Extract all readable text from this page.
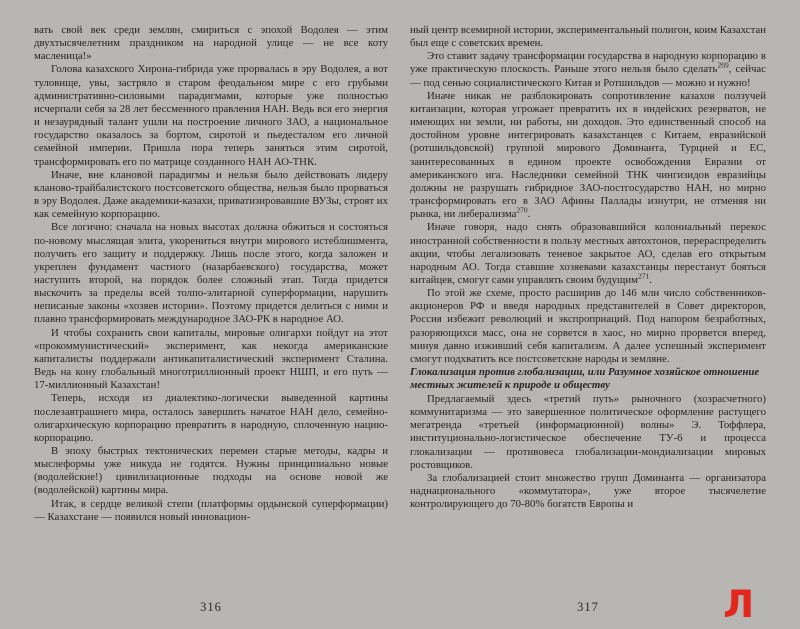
вать свой век среди землян, смириться с эпохой Водолея — этим двухтысячелетним праздником на народной улице — не все коту масленица!»

Голова казахского Хирона-гибрида уже прорвалась в эру Водолея, а вот туловище, увы, застряло в старом феодальном мире с его грубыми административно-силовыми парадигмами, которые уже полностью исчерпали себя за 28 лет бессменного правления НАН. Ведь вся его энергия и незаурядный талант ушли на построение личного ЗАО, а национальное государство оказалось за бортом, сиротой и пьедесталом его личной семейной империи. Пришла пора теперь заняться этим сиротой, трансформировать его по матрице созданного НАН АО-ТНК.

Иначе, вне клановой парадигмы и нельзя было действовать лидеру кланово-трайбалистского постсоветского общества, нельзя было прорваться в эру Водолея. Даже академики-казахи, приватизировавшие ВУЗы, строят их как семейную корпорацию.

Все логично: сначала на новых высотах должна обжиться и состояться по-новому мыслящая элита, укорениться внутри мирового истеблишмента, получить его защиту и поддержку. Лишь после этого, когда заложен и укреплен фундамент частного (назарбаевского) государства, может наступить второй, на порядок более сложный этап. Тогда придется выскочить за пределы всей толпо-элитарной суперформации, нарушить неписаные законы «хозяев истории». Поэтому придется делиться с ними и плавно трансформировать международное ЗАО-РК в народное АО.

И чтобы сохранить свои капиталы, мировые олигархи пойдут на этот «прокоммунистический» эксперимент, как некогда американские капиталисты поддержали антикапиталистический эксперимент Сталина. Ведь на кону глобальный многотриллионный проект НШП, и его путь — 17-миллионный Казахстан!

Теперь, исходя из диалектико-логически выведенной картины послезавтрашнего мира, осталось завершить начатое НАН дело, семейно-олигархическую корпорацию превратить в народную, сплоченную нацию-корпорацию.

В эпоху быстрых тектонических перемен старые методы, кадры и мыслеформы уже никуда не годятся. Нужны принципиально новые (водолейские!) цивилизационные подходы на основе новой же (водолейской) картины мира.

Итак, в сердце великой степи (платформы ордынской суперформации) — Казахстане — появился новый инновацион-

ный центр всемирной истории, экспериментальный полигон, коим Казахстан был еще с советских времен.

Это ставит задачу трансформации государства в народную корпорацию в уже практическую плоскость. Раньше этого нельзя было сделать$^{269}$, сейчас — под сенью социалистического Китая и Ротшильдов — можно и нужно!

Иначе никак не разблокировать сопротивление казахов ползучей китаизации, которая угрожает превратить их в индейских резерватов, не имеющих ни земли, ни работы, ни доходов. Это единственный способ на достойном уровне интегрировать казахстанцев с Китаем, евразийской (ротшильдовской) группой мирового Доминанта, Турцией и ЕС, заинтересованных в едином проекте освобождения Евразии от американского ига. Наследники семейной ТНК чингизидов евразийцы должны не разрушать гибридное ЗАО-постгосударство НАН, но мирно трансформировать его в ЗАО Афины Паллады изнутри, не отменяя ни рынка, ни либерализма$^{270}$.

Иначе говоря, надо снять образовавшийся колониальный перекос иностранной собственности в пользу местных автохтонов, перераспределить акции, чтобы легализовать теневое закрытое АО, сделав его открытым народным АО. Тогда ставшие хозяевами казахстанцы перестанут бояться китайцев, смогут сами управлять своим будущим$^{271}$.

По этой же схеме, просто расширив до 146 млн число собственников-акционеров РФ и введя народных представителей в Совет директоров, Россия избежит революций и экспроприаций. Под напором безработных, разоряющихся масс, она не сорвется в хаос, но мирно прорвется вперед, минуя давно изживший себя капитализм. А далее успешный эксперимент смогут подхватить все постсоветские народы и земляне.

Глокализация против глобализации, или Разумное хозяйское отношение местных жителей к природе и обществу

Предлагаемый здесь «третий путь» рыночного (хозрасчетного) коммунитаризма — это завершенное политическое оформление растущего мегатренда «третьей (информационной) волны» Э. Тоффлера, институционально-логистическое обеспечение ТУ-6 и процесса глокализации — противовеса глобализации-мондиализации мировых ростовщиков.

За глобализацией стоит множество групп Доминанта — организатора наднационального «коммутатора», уже второе тысячелетие контролирующего до 70-80% богатств Европы и

316	317	Л
